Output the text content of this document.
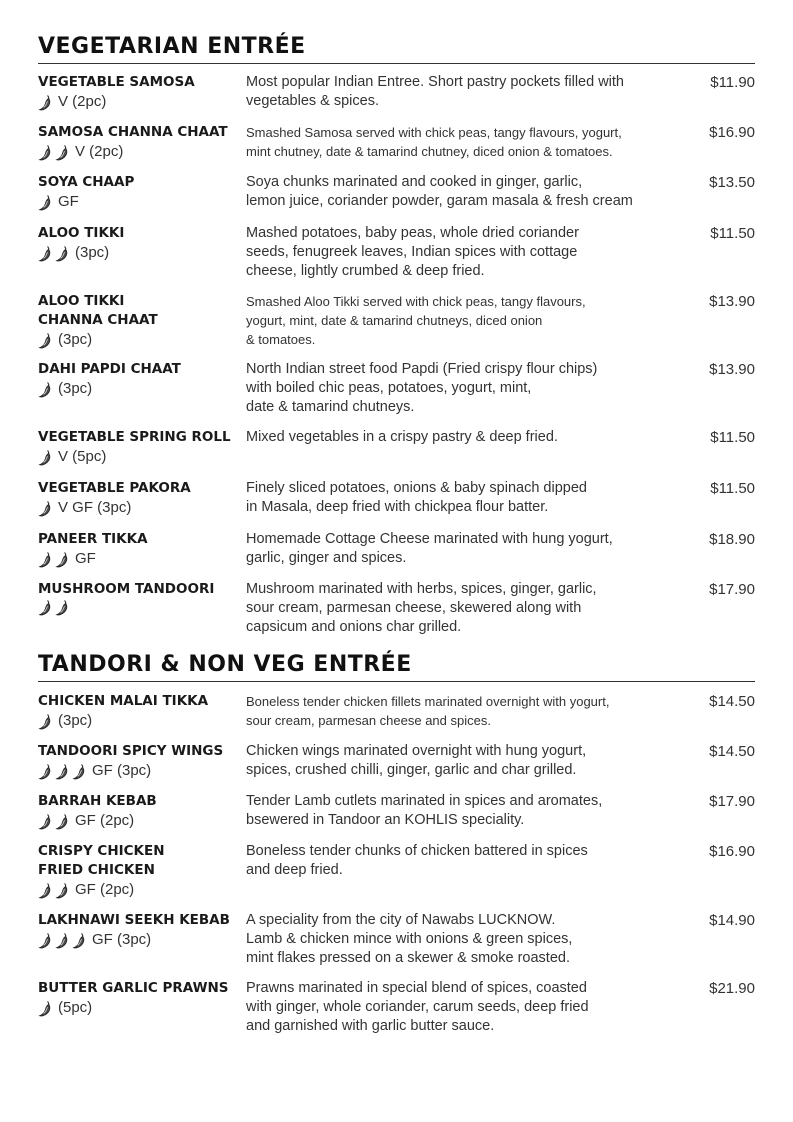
VEGETARIAN ENTRÉE
VEGETABLE SAMOSA
V (2pc)
Most popular Indian Entree. Short pastry pockets filled with
vegetables & spices.
$11.90
SAMOSA CHANNA CHAAT
V (2pc)
Smashed Samosa served with chick peas, tangy flavours, yogurt,
mint chutney, date & tamarind chutney, diced onion & tomatoes.
$16.90
SOYA CHAAP
GF
Soya chunks marinated and cooked in ginger, garlic,
lemon juice, coriander powder, garam masala & fresh cream
$13.50
ALOO TIKKI
(3pc)
Mashed potatoes, baby peas, whole dried coriander
seeds, fenugreek leaves, Indian spices with cottage
cheese, lightly crumbed & deep fried.
$11.50
ALOO TIKKI
CHANNA CHAAT
(3pc)
Smashed Aloo Tikki served with chick peas, tangy flavours,
yogurt, mint, date & tamarind chutneys, diced onion
& tomatoes.
$13.90
DAHI PAPDI CHAAT
(3pc)
North Indian street food Papdi (Fried crispy flour chips)
with boiled chic peas, potatoes, yogurt, mint,
date & tamarind chutneys.
$13.90
VEGETABLE SPRING ROLL
V (5pc)
Mixed vegetables in a crispy pastry & deep fried.	$11.50
VEGETABLE PAKORA
V GF (3pc)
Finely sliced potatoes, onions & baby spinach dipped
in Masala, deep fried with chickpea flour batter.
$11.50
PANEER TIKKA
GF
Homemade Cottage Cheese marinated with hung yogurt,
garlic, ginger and spices.
$18.90
MUSHROOM TANDOORI	Mushroom marinated with herbs, spices, ginger, garlic,
sour cream, parmesan cheese, skewered along with
capsicum and onions char grilled.
$17.90
TANDORI & NON VEG ENTRÉE
CHICKEN MALAI TIKKA
(3pc)
Boneless tender chicken fillets marinated overnight with yogurt,
sour cream, parmesan cheese and spices.
$14.50
TANDOORI SPICY WINGS
GF (3pc)
Chicken wings marinated overnight with hung yogurt,
spices, crushed chilli, ginger, garlic and char grilled.
$14.50
BARRAH KEBAB
GF (2pc)
Tender Lamb cutlets marinated in spices and aromates,
bsewered in Tandoor an KOHLIS speciality.
$17.90
CRISPY CHICKEN
FRIED CHICKEN
GF (2pc)
Boneless tender chunks of chicken battered in spices
and deep fried.
$16.90
LAKHNAWI SEEKH KEBAB
GF (3pc)
A speciality from the city of Nawabs LUCKNOW.
Lamb & chicken mince with onions & green spices,
mint flakes pressed on a skewer & smoke roasted.
$14.90
BUTTER GARLIC PRAWNS
(5pc)
Prawns marinated in special blend of spices, coasted
with ginger, whole coriander, carum seeds, deep fried
and garnished with garlic butter sauce.
$21.90
